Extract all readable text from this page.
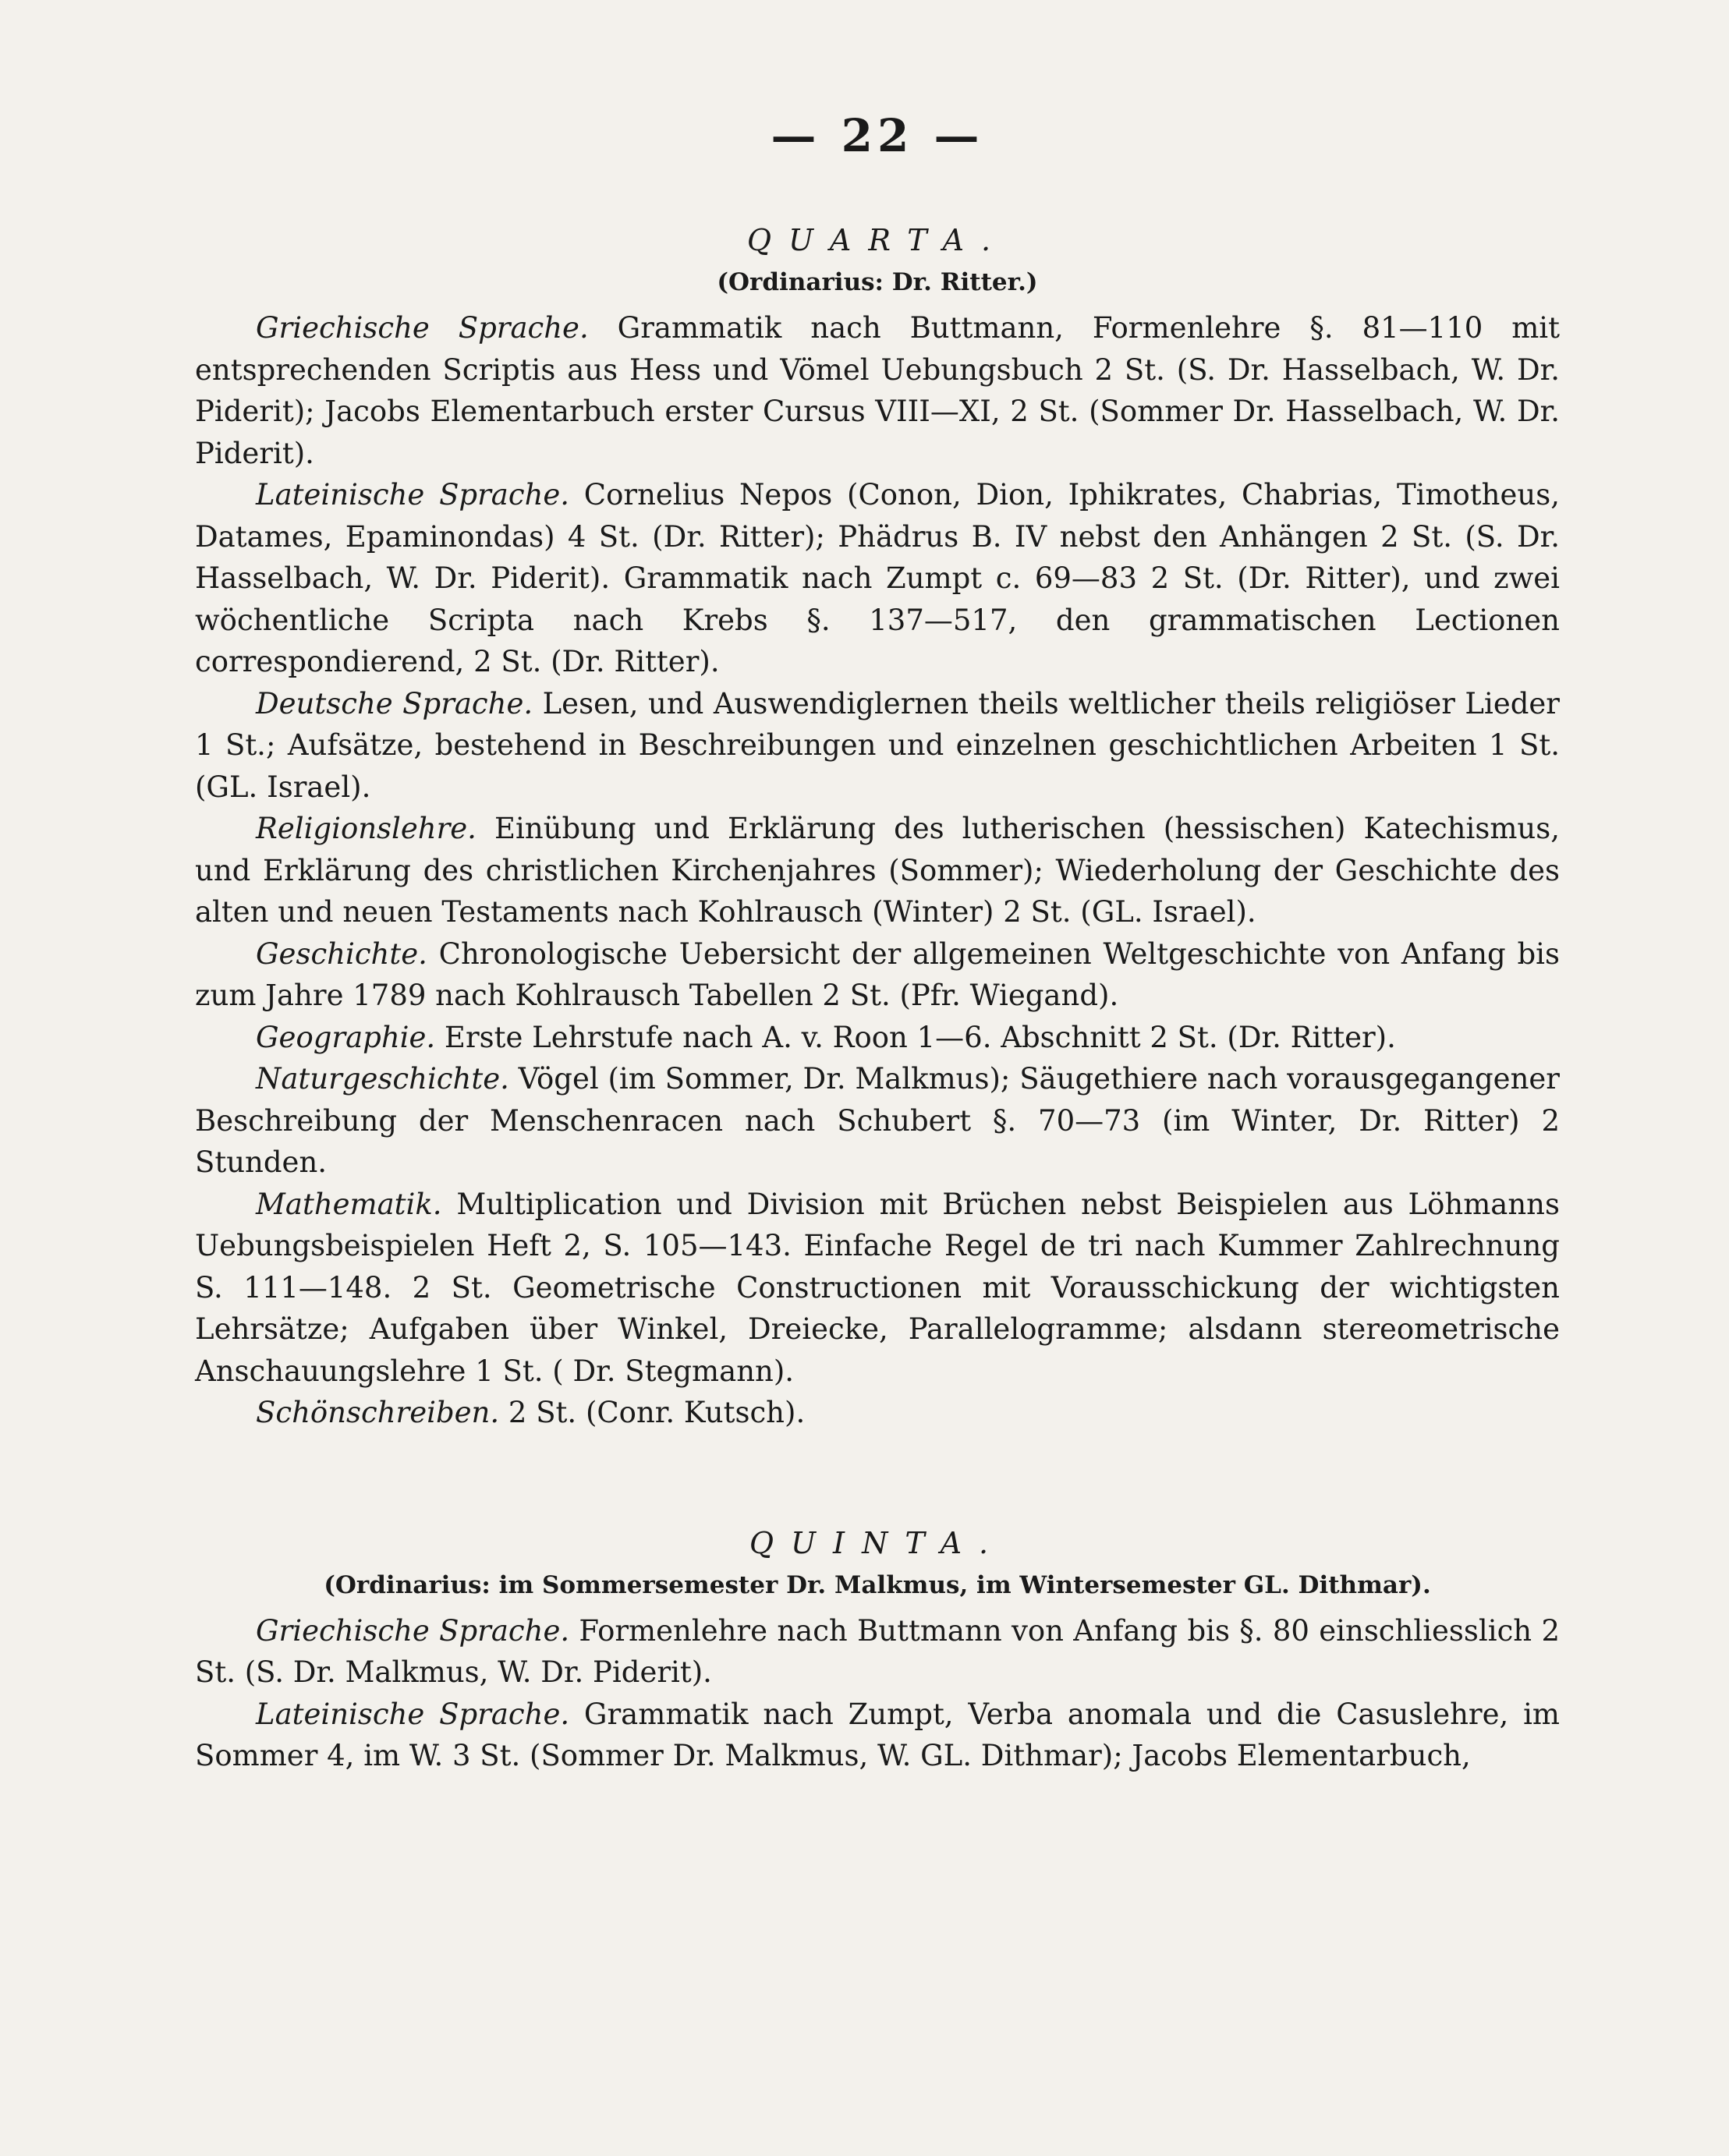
— 22 —
QUARTA.
(Ordinarius: Dr. Ritter.)

Griechische Sprache. Grammatik nach Buttmann, Formenlehre §. 81—110 mit entsprechenden Scriptis aus Hess und Vömel Uebungsbuch 2 St. (S. Dr. Hasselbach, W. Dr. Piderit); Jacobs Elementarbuch erster Cursus VIII—XI, 2 St. (Sommer Dr. Hasselbach, W. Dr. Piderit).

Lateinische Sprache. Cornelius Nepos (Conon, Dion, Iphikrates, Chabrias, Timotheus, Datames, Epaminondas) 4 St. (Dr. Ritter); Phädrus B. IV nebst den Anhängen 2 St. (S. Dr. Hasselbach, W. Dr. Piderit). Grammatik nach Zumpt c. 69—83 2 St. (Dr. Ritter), und zwei wöchentliche Scripta nach Krebs §. 137—517, den grammatischen Lectionen correspondierend, 2 St. (Dr. Ritter).

Deutsche Sprache. Lesen, und Auswendiglernen theils weltlicher theils religiöser Lieder 1 St.; Aufsätze, bestehend in Beschreibungen und einzelnen geschichtlichen Arbeiten 1 St. (GL. Israel).

Religionslehre. Einübung und Erklärung des lutherischen (hessischen) Katechismus, und Erklärung des christlichen Kirchenjahres (Sommer); Wiederholung der Geschichte des alten und neuen Testaments nach Kohlrausch (Winter) 2 St. (GL. Israel).

Geschichte. Chronologische Uebersicht der allgemeinen Weltgeschichte von Anfang bis zum Jahre 1789 nach Kohlrausch Tabellen 2 St. (Pfr. Wiegand).

Geographie. Erste Lehrstufe nach A. v. Roon 1—6. Abschnitt 2 St. (Dr. Ritter).

Naturgeschichte. Vögel (im Sommer, Dr. Malkmus); Säugethiere nach vorausgegangener Beschreibung der Menschenracen nach Schubert §. 70—73 (im Winter, Dr. Ritter) 2 Stunden.

Mathematik. Multiplication und Division mit Brüchen nebst Beispielen aus Löhmanns Uebungsbeispielen Heft 2, S. 105—143. Einfache Regel de tri nach Kummer Zahlrechnung S. 111—148. 2 St. Geometrische Constructionen mit Vorausschickung der wichtigsten Lehrsätze; Aufgaben über Winkel, Dreiecke, Parallelogramme; alsdann stereometrische Anschauungslehre 1 St. ( Dr. Stegmann).

Schönschreiben. 2 St. (Conr. Kutsch).

QUINTA.
(Ordinarius: im Sommersemester Dr. Malkmus, im Wintersemester GL. Dithmar).

Griechische Sprache. Formenlehre nach Buttmann von Anfang bis §. 80 einschliesslich 2 St. (S. Dr. Malkmus, W. Dr. Piderit).

Lateinische Sprache. Grammatik nach Zumpt, Verba anomala und die Casuslehre, im Sommer 4, im W. 3 St. (Sommer Dr. Malkmus, W. GL. Dithmar); Jacobs Elementarbuch,
